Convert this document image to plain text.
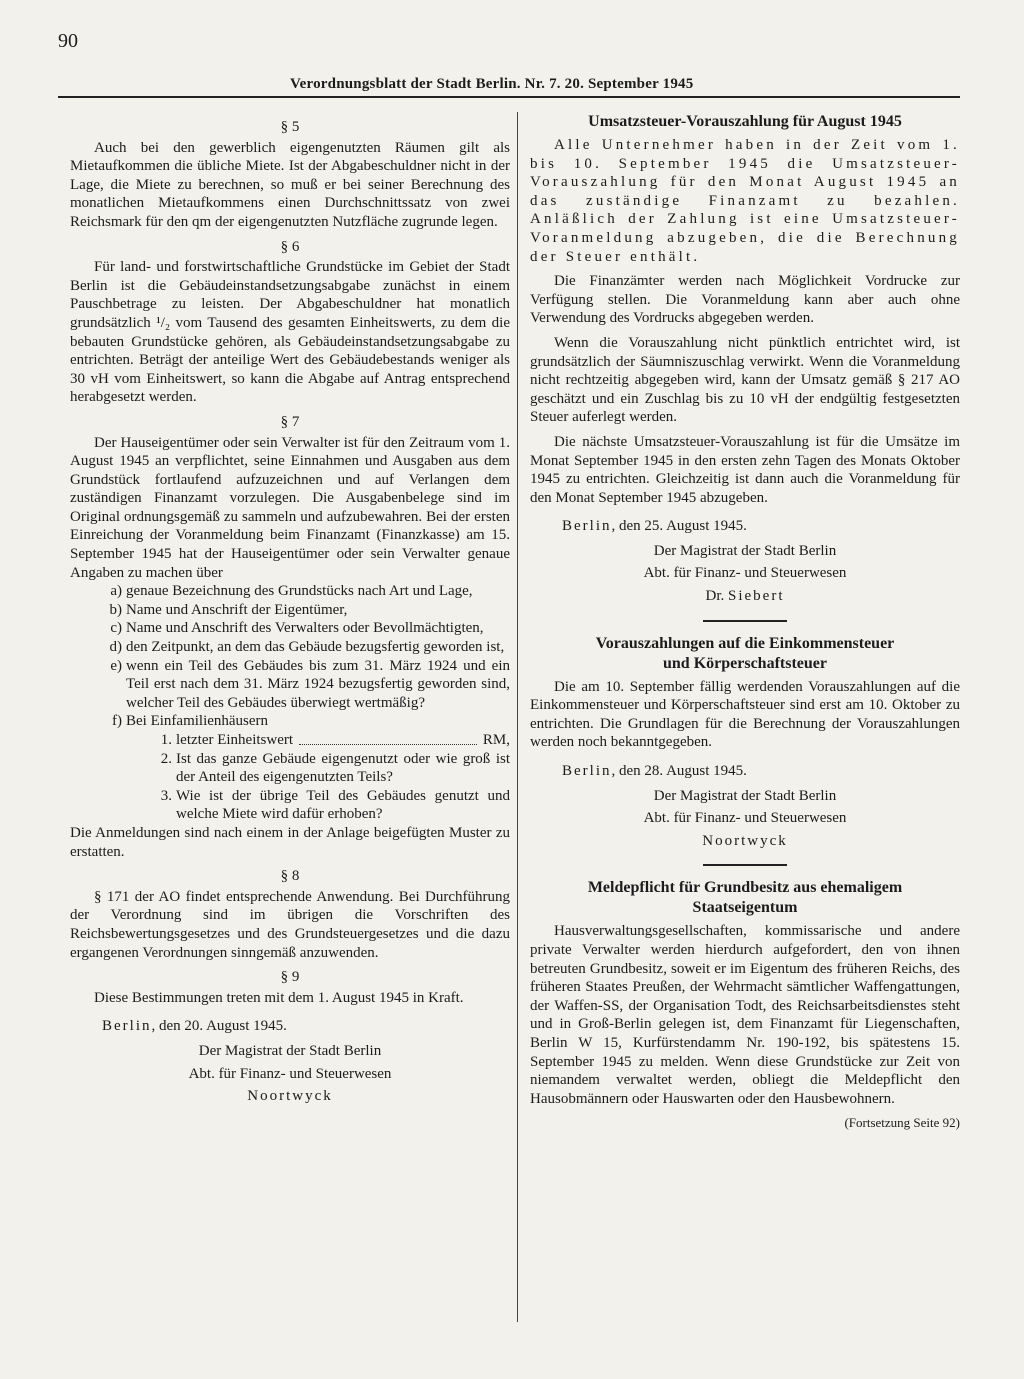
90
Verordnungsblatt der Stadt Berlin. Nr. 7. 20. September 1945
§ 5

Auch bei den gewerblich eigengenutzten Räumen gilt als Mietaufkommen die übliche Miete. Ist der Abgabeschuldner nicht in der Lage, die Miete zu berechnen, so muß er bei seiner Berechnung des monatlichen Mietaufkommens einen Durchschnittssatz von zwei Reichsmark für den qm der eigengenutzten Nutzfläche zugrunde legen.

§ 6

Für land- und forstwirtschaftliche Grundstücke im Gebiet der Stadt Berlin ist die Gebäudeinstandsetzungsabgabe zunächst in einem Pauschbetrage zu leisten. Der Abgabeschuldner hat monatlich grundsätzlich ¹/₂ vom Tausend des gesamten Einheitswerts, zu dem die bebauten Grundstücke gehören, als Gebäudeinstandsetzungsabgabe zu entrichten. Beträgt der anteilige Wert des Gebäudebestands weniger als 30 vH vom Einheitswert, so kann die Abgabe auf Antrag entsprechend herabgesetzt werden.

§ 7

Der Hauseigentümer oder sein Verwalter ist für den Zeitraum vom 1. August 1945 an verpflichtet, seine Einnahmen und Ausgaben aus dem Grundstück fortlaufend aufzuzeichnen und auf Verlangen dem zuständigen Finanzamt vorzulegen. Die Ausgabenbelege sind im Original ordnungsgemäß zu sammeln und aufzubewahren. Bei der ersten Einreichung der Voranmeldung beim Finanzamt (Finanzkasse) am 15. September 1945 hat der Hauseigentümer oder sein Verwalter genaue Angaben zu machen über

a) genaue Bezeichnung des Grundstücks nach Art und Lage,
b) Name und Anschrift der Eigentümer,
c) Name und Anschrift des Verwalters oder Bevollmächtigten,
d) den Zeitpunkt, an dem das Gebäude bezugsfertig geworden ist,
e) wenn ein Teil des Gebäudes bis zum 31. März 1924 und ein Teil erst nach dem 31. März 1924 bezugsfertig geworden sind, welcher Teil des Gebäudes überwiegt wertmäßig?
f) Bei Einfamilienhäusern
1. letzter Einheitswert	RM,
2. Ist das ganze Gebäude eigengenutzt oder wie groß ist der Anteil des eigengenutzten Teils?
3. Wie ist der übrige Teil des Gebäudes genutzt und welche Miete wird dafür erhoben?

Die Anmeldungen sind nach einem in der Anlage beigefügten Muster zu erstatten.

§ 8

§ 171 der AO findet entsprechende Anwendung. Bei Durchführung der Verordnung sind im übrigen die Vorschriften des Reichsbewertungsgesetzes und des Grundsteuergesetzes und die dazu ergangenen Verordnungen sinngemäß anzuwenden.

§ 9

Diese Bestimmungen treten mit dem 1. August 1945 in Kraft.

Berlin, den 20. August 1945.

Der Magistrat der Stadt Berlin
Abt. für Finanz- und Steuerwesen
Noortwyck
Umsatzsteuer-Vorauszahlung für August 1945

Alle Unternehmer haben in der Zeit vom 1. bis 10. September 1945 die Umsatzsteuer-Vorauszahlung für den Monat August 1945 an das zuständige Finanzamt zu bezahlen. Anläßlich der Zahlung ist eine Umsatzsteuer-Voranmeldung abzugeben, die die Berechnung der Steuer enthält.

Die Finanzämter werden nach Möglichkeit Vordrucke zur Verfügung stellen. Die Voranmeldung kann aber auch ohne Verwendung des Vordrucks abgegeben werden.

Wenn die Vorauszahlung nicht pünktlich entrichtet wird, ist grundsätzlich der Säumniszuschlag verwirkt. Wenn die Voranmeldung nicht rechtzeitig abgegeben wird, kann der Umsatz gemäß § 217 AO geschätzt und ein Zuschlag bis zu 10 vH der endgültig festgesetzten Steuer auferlegt werden.

Die nächste Umsatzsteuer-Vorauszahlung ist für die Umsätze im Monat September 1945 in den ersten zehn Tagen des Monats Oktober 1945 zu entrichten. Gleichzeitig ist dann auch die Voranmeldung für den Monat September 1945 abzugeben.

Berlin, den 25. August 1945.

Der Magistrat der Stadt Berlin
Abt. für Finanz- und Steuerwesen
Dr. Siebert
Vorauszahlungen auf die Einkommensteuer
und Körperschaftsteuer

Die am 10. September fällig werdenden Vorauszahlungen auf die Einkommensteuer und Körperschaftsteuer sind erst am 10. Oktober zu entrichten. Die Grundlagen für die Berechnung der Vorauszahlungen werden noch bekanntgegeben.

Berlin, den 28. August 1945.

Der Magistrat der Stadt Berlin
Abt. für Finanz- und Steuerwesen
Noortwyck
Meldepflicht für Grundbesitz aus ehemaligem
Staatseigentum

Hausverwaltungsgesellschaften, kommissarische und andere private Verwalter werden hierdurch aufgefordert, den von ihnen betreuten Grundbesitz, soweit er im Eigentum des früheren Reichs, des früheren Staates Preußen, der Wehrmacht sämtlicher Waffengattungen, der Waffen-SS, der Organisation Todt, des Reichsarbeitsdienstes steht und in Groß-Berlin gelegen ist, dem Finanzamt für Liegenschaften, Berlin W 15, Kurfürstendamm Nr. 190-192, bis spätestens 15. September 1945 zu melden. Wenn diese Grundstücke zur Zeit von niemandem verwaltet werden, obliegt die Meldepflicht den Hausobmännern oder Hauswarten oder den Hausbewohnern.

(Fortsetzung Seite 92)
